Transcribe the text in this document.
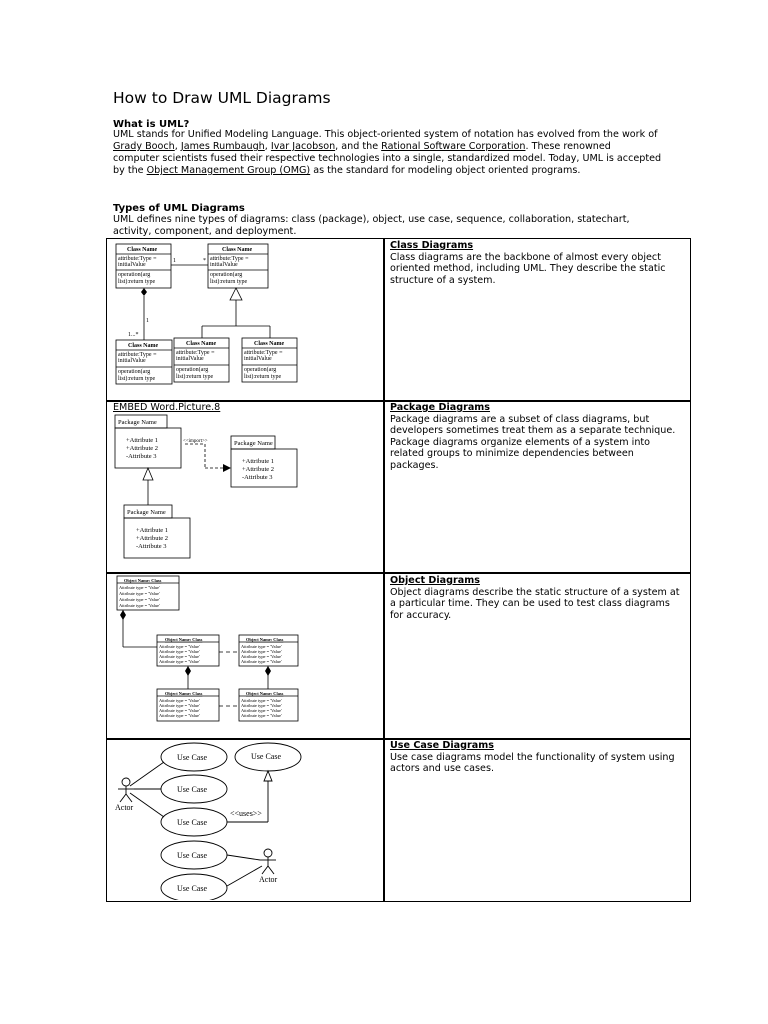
How to Draw UML Diagrams
What is UML?
UML stands for Unified Modeling Language. This object-oriented system of notation has evolved from the work of
Grady Booch, James Rumbaugh, Ivar Jacobson, and the Rational Software Corporation. These renowned
computer scientists fused their respective technologies into a single, standardized model. Today, UML is accepted
by the Object Management Group (OMG) as the standard for modeling object oriented programs.
Types of UML Diagrams
UML defines nine types of diagrams: class (package), object, use case, sequence, collaboration, statechart,
activity, component, and deployment.
Class Diagrams
Class diagrams are the backbone of almost every object oriented method, including UML. They describe the static structure of a system.
Package Diagrams
Package diagrams are a subset of class diagrams, but developers sometimes treat them as a separate technique. Package diagrams organize elements of a system into related groups to minimize dependencies between packages.
Object Diagrams
Object diagrams describe the static structure of a system at a particular time. They can be used to test class diagrams for accuracy.
Use Case Diagrams
Use case diagrams model the functionality of system using actors and use cases.
Class Name
attribute:Type =
initialValue
operation(arg
list):return type
Class Name
attribute:Type =
initialValue
operation(arg
list):return type
1	*
1
1...*
Class Name
attribute:Type =
initialValue
operation(arg
list):return type
Class Name
attribute:Type =
initialValue
operation(arg
list):return type
Class Name
attribute:Type =
initialValue
operation(arg
list):return type
EMBED Word.Picture.8
Package Name
+Attribute 1
+Attribute 2
-Attribute 3
<<import>>	Package Name
+Attribute 1
+Attribute 2
-Attribute 3
Package Name
+Attribute 1
+Attribute 2
-Attribute 3
Object Name: Class
Attribute type = 'Value'
Attribute type = 'Value'
Attribute type = 'Value'
Attribute type = 'Value'
Object Name: Class
Attribute type = 'Value'
Attribute type = 'Value'
Attribute type = 'Value'
Attribute type = 'Value'
Object Name: Class
Attribute type = 'Value'
Attribute type = 'Value'
Attribute type = 'Value'
Attribute type = 'Value'
Object Name: Class
Attribute type = 'Value'
Attribute type = 'Value'
Attribute type = 'Value'
Attribute type = 'Value'
Object Name: Class
Attribute type = 'Value'
Attribute type = 'Value'
Attribute type = 'Value'
Attribute type = 'Value'
Use Case
Use Case
Use Case
Use Case
Use Case
Use Case
Actor
Actor
<<uses>>
